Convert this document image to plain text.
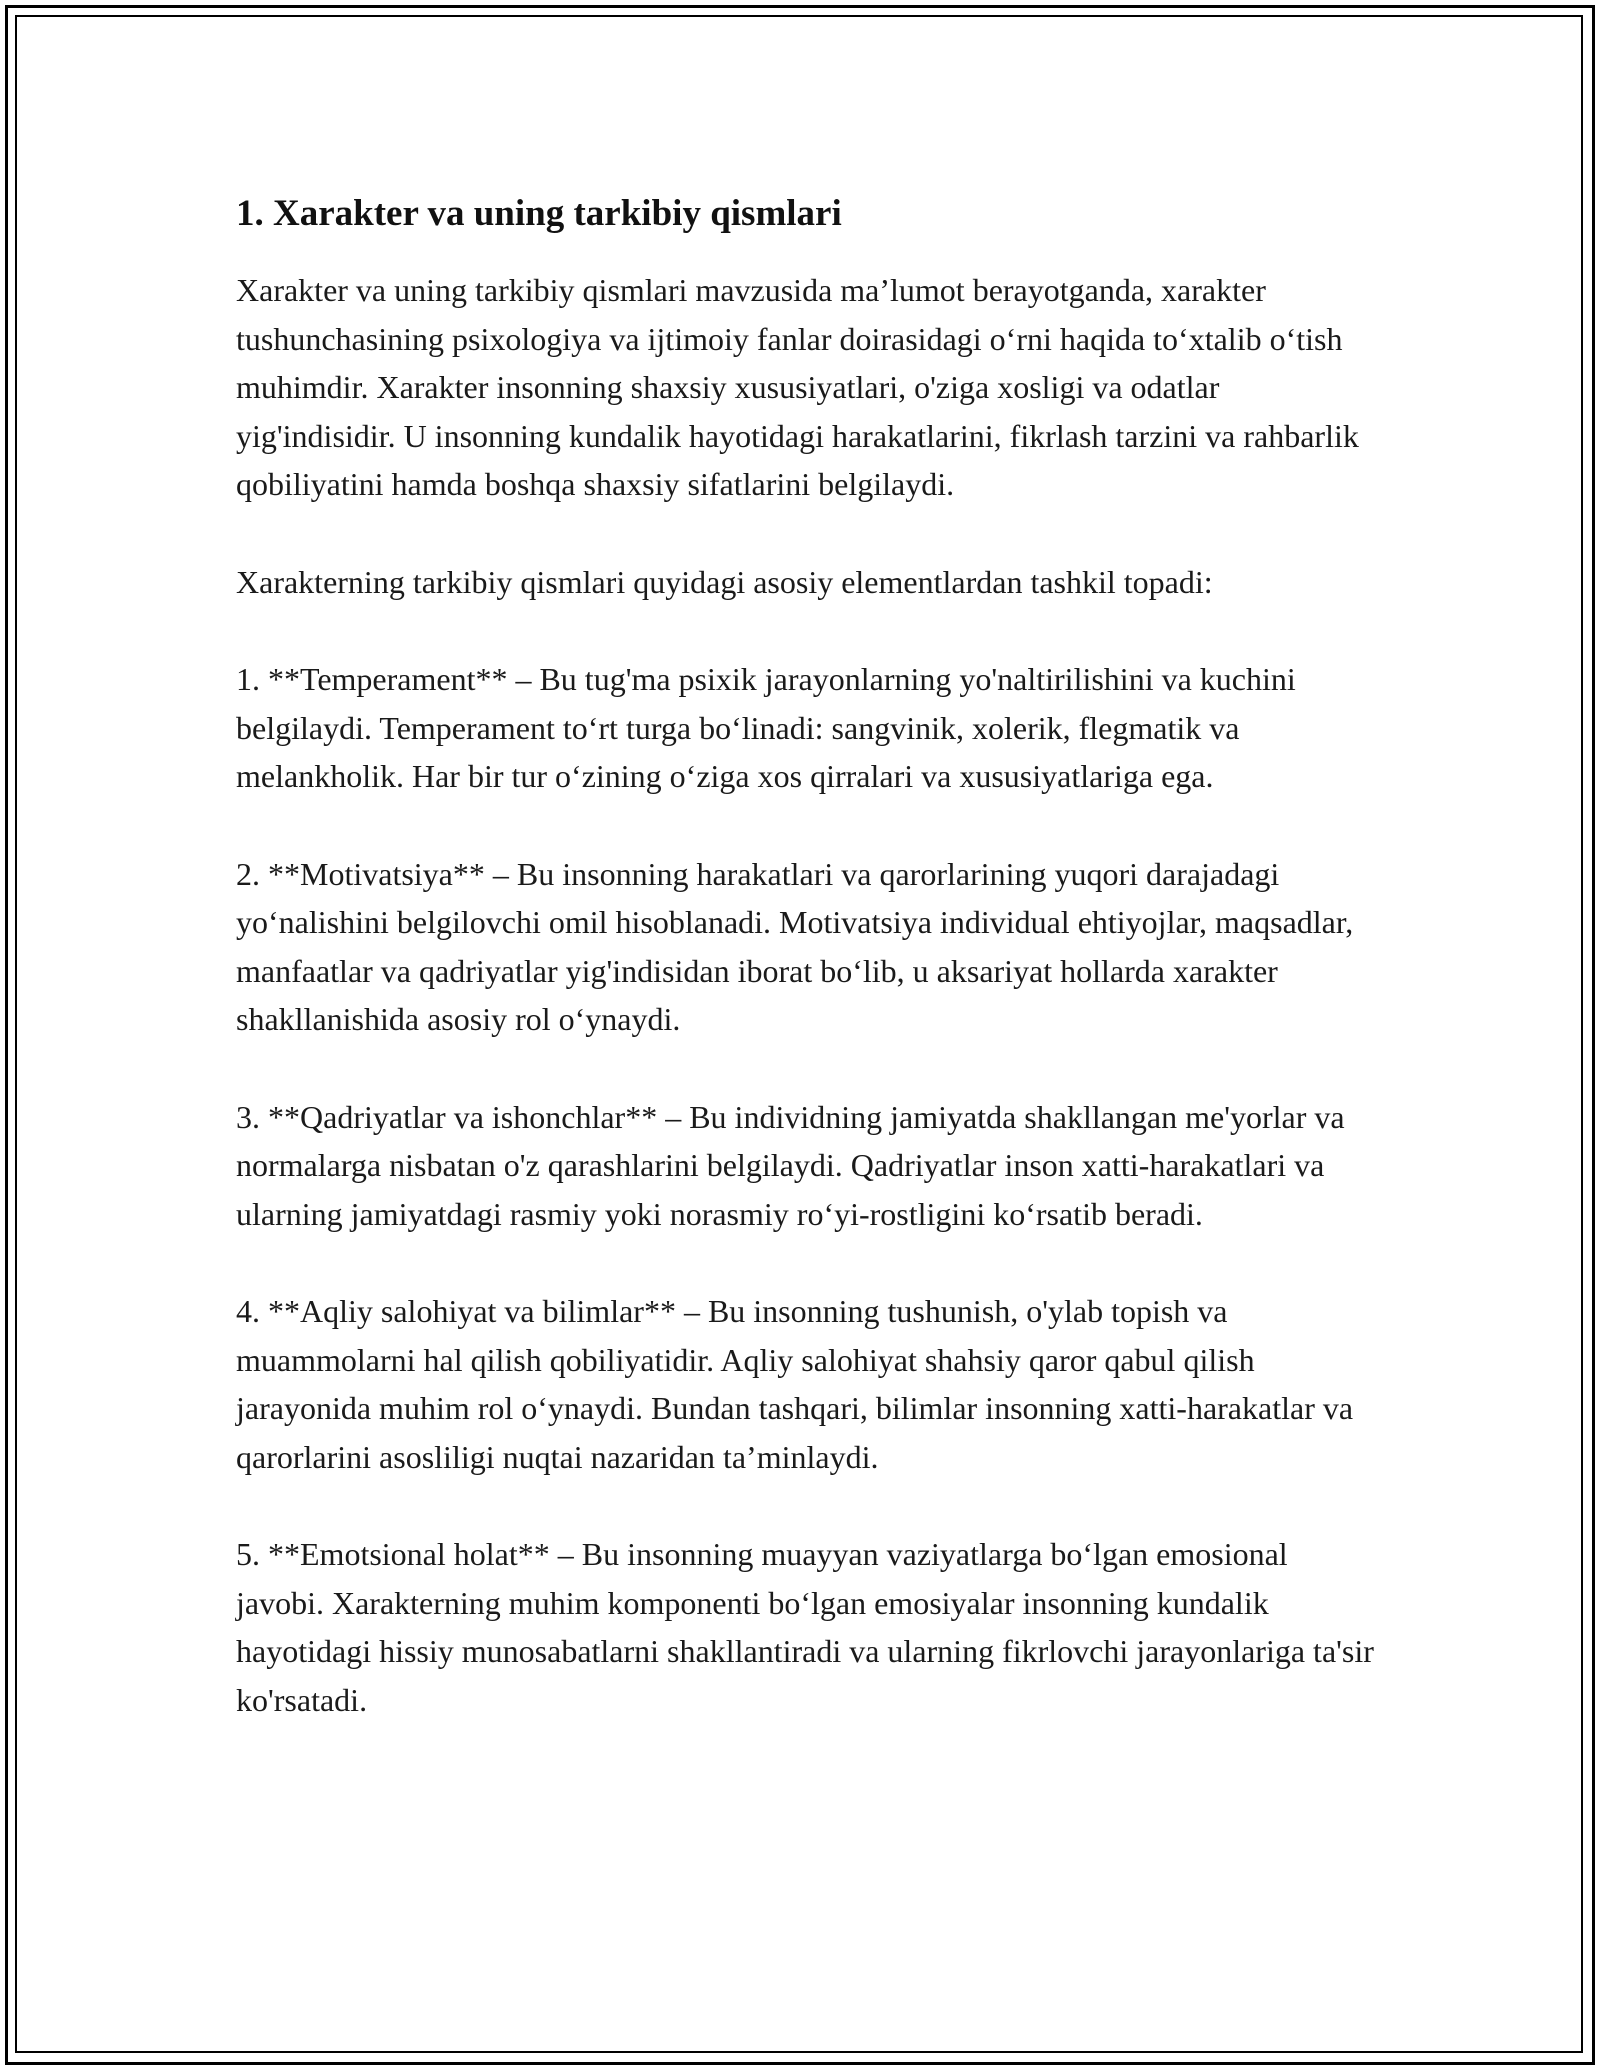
1. Xarakter va uning tarkibiy qismlari

Xarakter va uning tarkibiy qismlari mavzusida ma’lumot berayotganda, xarakter tushunchasining psixologiya va ijtimoiy fanlar doirasidagi o‘rni haqida to‘xtalib o‘tish muhimdir. Xarakter insonning shaxsiy xususiyatlari, o'ziga xosligi va odatlar yig'indisidir. U insonning kundalik hayotidagi harakatlarini, fikrlash tarzini va rahbarlik qobiliyatini hamda boshqa shaxsiy sifatlarini belgilaydi.

Xarakterning tarkibiy qismlari quyidagi asosiy elementlardan tashkil topadi:

1. **Temperament** – Bu tug'ma psixik jarayonlarning yo'naltirilishini va kuchini belgilaydi. Temperament to‘rt turga bo‘linadi: sangvinik, xolerik, flegmatik va melankholik. Har bir tur o‘zining o‘ziga xos qirralari va xususiyatlariga ega.

2. **Motivatsiya** – Bu insonning harakatlari va qarorlarining yuqori darajadagi yo‘nalishini belgilovchi omil hisoblanadi. Motivatsiya individual ehtiyojlar, maqsadlar, manfaatlar va qadriyatlar yig'indisidan iborat bo‘lib, u aksariyat hollarda xarakter shakllanishida asosiy rol o‘ynaydi.

3. **Qadriyatlar va ishonchlar** – Bu individning jamiyatda shakllangan me'yorlar va normalarga nisbatan o'z qarashlarini belgilaydi. Qadriyatlar inson xatti-harakatlari va ularning jamiyatdagi rasmiy yoki norasmiy ro‘yi-rostligini ko‘rsatib beradi.

4. **Aqliy salohiyat va bilimlar** – Bu insonning tushunish, o'ylab topish va muammolarni hal qilish qobiliyatidir. Aqliy salohiyat shahsiy qaror qabul qilish jarayonida muhim rol o‘ynaydi. Bundan tashqari, bilimlar insonning xatti-harakatlar va qarorlarini asosliligi nuqtai nazaridan ta’minlaydi.

5. **Emotsional holat** – Bu insonning muayyan vaziyatlarga bo‘lgan emosional javobi. Xarakterning muhim komponenti bo‘lgan emosiyalar insonning kundalik hayotidagi hissiy munosabatlarni shakllantiradi va ularning fikrlovchi jarayonlariga ta'sir ko'rsatadi.
